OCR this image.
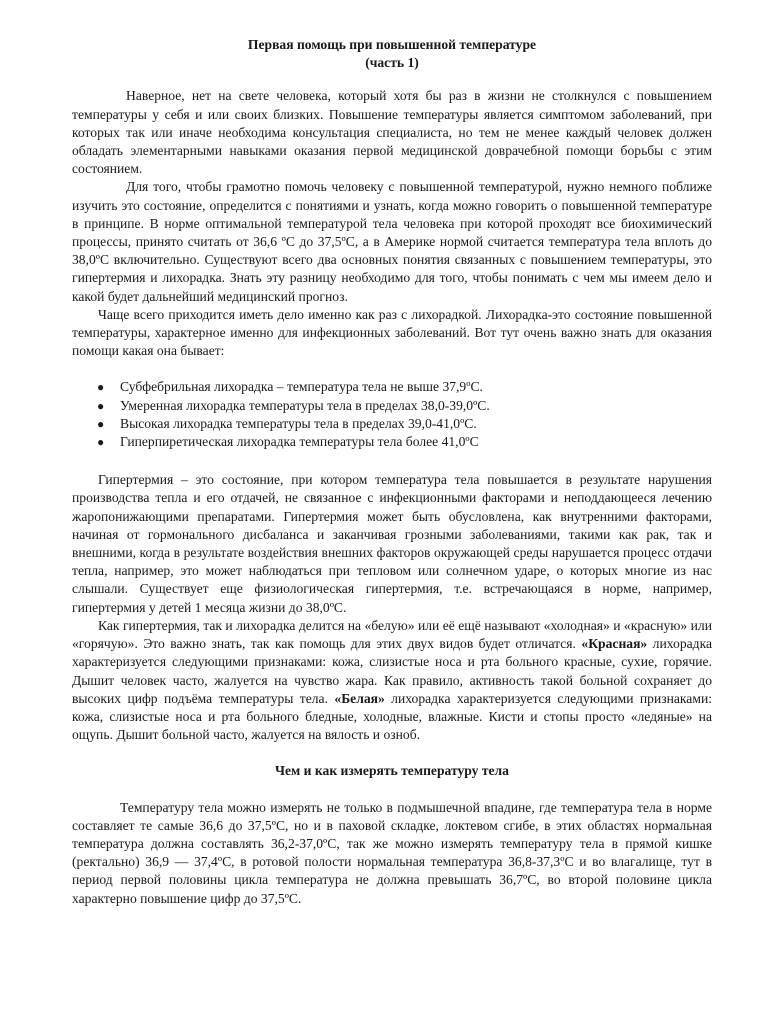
Первая помощь при повышенной температуре

(часть 1)

Наверное, нет на свете человека, который хотя бы раз в жизни не столкнулся с повышением температуры у себя и или своих близких. Повышение температуры является симптомом заболеваний, при которых так или иначе необходима консультация специалиста, но тем не менее каждый человек должен обладать элементарными навыками оказания первой медицинской доврачебной помощи борьбы с этим состоянием.

Для того, чтобы грамотно помочь человеку с повышенной температурой, нужно немного поближе изучить это состояние, определится с понятиями и узнать, когда можно говорить о повышенной температуре в принципе. В норме оптимальной температурой тела человека при которой проходят все биохимический процессы, принято считать от 36,6 ºС до 37,5ºС, а в Америке нормой считается температура тела вплоть до 38,0ºС включительно. Существуют всего два основных понятия связанных с повышением температуры, это гипертермия и лихорадка. Знать эту разницу необходимо для того, чтобы понимать с чем мы имеем дело и какой будет дальнейший медицинский прогноз.

Чаще всего приходится иметь дело именно как раз с лихорадкой. Лихорадка-это состояние повышенной температуры, характерное именно для инфекционных заболеваний. Вот тут очень важно знать для оказания помощи какая она бывает:

● Субфебрильная лихорадка – температура тела не выше 37,9ºС.
● Умеренная лихорадка температуры тела в пределах 38,0-39,0ºС.
● Высокая лихорадка температуры тела в пределах 39,0-41,0ºС.
● Гиперпиретическая лихорадка температуры тела более 41,0ºС

Гипертермия – это состояние, при котором температура тела повышается в результате нарушения производства тепла и его отдачей, не связанное с инфекционными факторами и неподдающееся лечению жаропонижающими препаратами. Гипертермия может быть обусловлена, как внутренними факторами, начиная от гормонального дисбаланса и заканчивая грозными заболеваниями, такими как рак, так и внешними, когда в результате воздействия внешних факторов окружающей среды нарушается процесс отдачи тепла, например, это может наблюдаться при тепловом или солнечном ударе, о которых многие из нас слышали. Существует еще физиологическая гипертермия, т.е. встречающаяся в норме, например, гипертермия у детей 1 месяца жизни до 38,0ºС.

Как гипертермия, так и лихорадка делится на «белую» или её ещё называют «холодная» и «красную» или «горячую». Это важно знать, так как помощь для этих двух видов будет отличатся. «Красная» лихорадка характеризуется следующими признаками: кожа, слизистые носа и рта больного красные, сухие, горячие. Дышит человек часто, жалуется на чувство жара. Как правило, активность такой больной сохраняет до высоких цифр подъёма температуры тела. «Белая» лихорадка характеризуется следующими признаками: кожа, слизистые носа и рта больного бледные, холодные, влажные. Кисти и стопы просто «ледяные» на ощупь. Дышит больной часто, жалуется на вялость и озноб.

Чем и как измерять температуру тела

Температуру тела можно измерять не только в подмышечной впадине, где температура тела в норме составляет те самые 36,6 до 37,5ºС, но и в паховой складке, локтевом сгибе, в этих областях нормальная температура должна составлять 36,2-37,0ºС, так же можно измерять температуру тела в прямой кишке (ректально) 36,9 — 37,4ºС, в ротовой полости нормальная температура 36,8-37,3ºС и во влагалище, тут в период первой половины цикла температура не должна превышать 36,7ºС, во второй половине цикла характерно повышение цифр до 37,5ºС.
